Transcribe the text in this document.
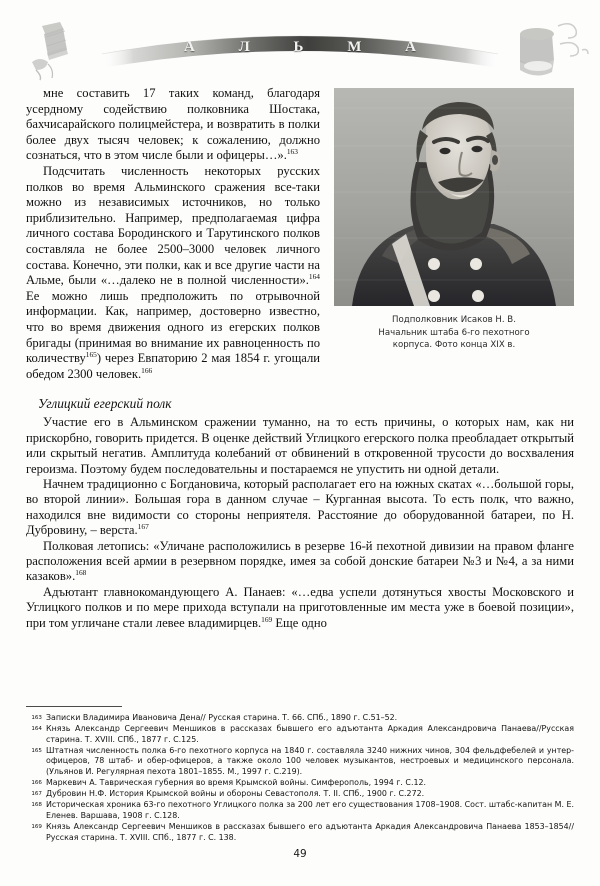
А Л Ь М А
Подполковник Исаков Н. В.
Начальник штаба 6-го пехотного
корпуса. Фото конца XIX в.

мне составить 17 таких команд, благодаря усердному содействию полковника Шостака, бахчисарайского полицмейстера, и возвратить в полки более двух тысяч человек; к сожалению, должно сознаться, что в этом числе были и офицеры…».$^{163}$

Подсчитать численность некоторых русских полков во время Альминского сражения все-таки можно из независимых источников, но только приблизительно. Например, предполагаемая цифра личного состава Бородинского и Тарутинского полков составляла не более 2500–3000 человек личного состава. Конечно, эти полки, как и все другие части на Альме, были «…далеко не в полной численности».$^{164}$ Ее можно лишь предположить по отрывочной информации. Как, например, достоверно известно, что во время движения одного из егерских полков бригады (принимая во внимание их равноценность по количеству$^{165}$) через Евпаторию 2 мая 1854 г. угощали обедом 2300 человек.$^{166}$

Углицкий егерский полк

Участие его в Альминском сражении туманно, на то есть причины, о которых нам, как ни прискорбно, говорить придется. В оценке действий Углицкого егерского полка преобладает открытый или скрытый негатив. Амплитуда колебаний от обвинений в откровенной трусости до восхваления героизма. Поэтому будем последовательны и постараемся не упустить ни одной детали.

Начнем традиционно с Богдановича, который располагает его на южных скатах «…большой горы, во второй линии». Большая гора в данном случае – Курганная высота. То есть полк, что важно, находился вне видимости со стороны неприятеля. Расстояние до оборудованной батареи, по Н. Дубровину, – верста.$^{167}$

Полковая летопись: «Уличане расположились в резерве 16-й пехотной дивизии на правом фланге расположения всей армии в резервном порядке, имея за собой донские батареи №3 и №4, а за ними казаков».$^{168}$

Адъютант главнокомандующего А. Панаев: «…едва успели дотянуться хвосты Московского и Углицкого полков и по мере прихода вступали на приготовленные им места уже в боевой позиции», при том угличане стали левее владимирцев.$^{169}$ Еще одно

163 Записки Владимира Ивановича Дена// Русская старина. Т. 66. СПб., 1890 г. С.51–52.
164 Князь Александр Сергеевич Меншиков в рассказах бывшего его адъютанта Аркадия Александровича Панаева//Русская старина. Т. XVIII. СПб., 1877 г. С.125.
165 Штатная численность полка 6-го пехотного корпуса на 1840 г. составляла 3240 нижних чинов, 304 фельдфебелей и унтер-офицеров, 78 штаб- и обер-офицеров, а также около 100 человек музыкантов, нестроевых и медицинского персонала. (Ульянов И. Регулярная пехота 1801–1855. М., 1997 г. С.219).
166 Маркевич А. Таврическая губерния во время Крымской войны. Симферополь, 1994 г. С.12.
167 Дубровин Н.Ф. История Крымской войны и обороны Севастополя. Т. II. СПб., 1900 г. С.272.
168 Историческая хроника 63-го пехотного Углицкого полка за 200 лет его существования 1708–1908. Сост. штабс-капитан М. Е. Еленев. Варшава, 1908 г. С.128.
169 Князь Александр Сергеевич Меншиков в рассказах бывшего его адъютанта Аркадия Александровича Панаева 1853–1854//Русская старина. Т. XVIII. СПб., 1877 г. С. 138.
49
